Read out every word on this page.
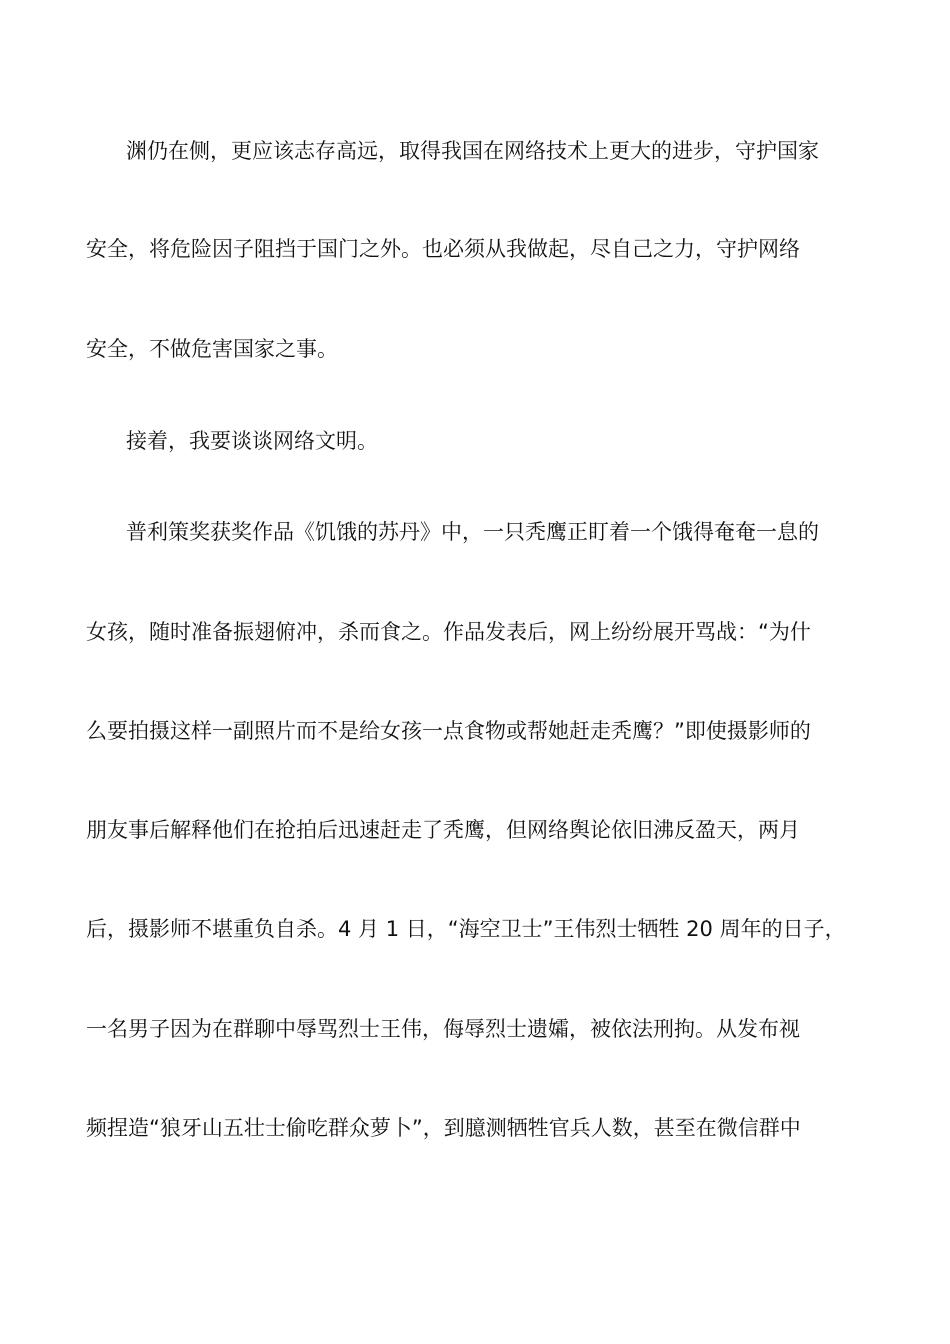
渊仍在侧，更应该志存高远，取得我国在网络技术上更大的进步，守护国家
安全，将危险因子阻挡于国门之外。也必须从我做起，尽自己之力，守护网络
安全，不做危害国家之事。
接着，我要谈谈网络文明。
普利策奖获奖作品《饥饿的苏丹》中，一只秃鹰正盯着一个饿得奄奄一息的
女孩，随时准备振翅俯冲，杀而食之。作品发表后，网上纷纷展开骂战：“为什
么要拍摄这样一副照片而不是给女孩一点食物或帮她赶走秃鹰？”即使摄影师的
朋友事后解释他们在抢拍后迅速赶走了秃鹰，但网络舆论依旧沸反盈天，两月
后，摄影师不堪重负自杀。4 月 1 日，“海空卫士”王伟烈士牺牲 20 周年的日子，
一名男子因为在群聊中辱骂烈士王伟，侮辱烈士遗孀，被依法刑拘。从发布视
频捏造“狼牙山五壮士偷吃群众萝卜”，到臆测牺牲官兵人数，甚至在微信群中
